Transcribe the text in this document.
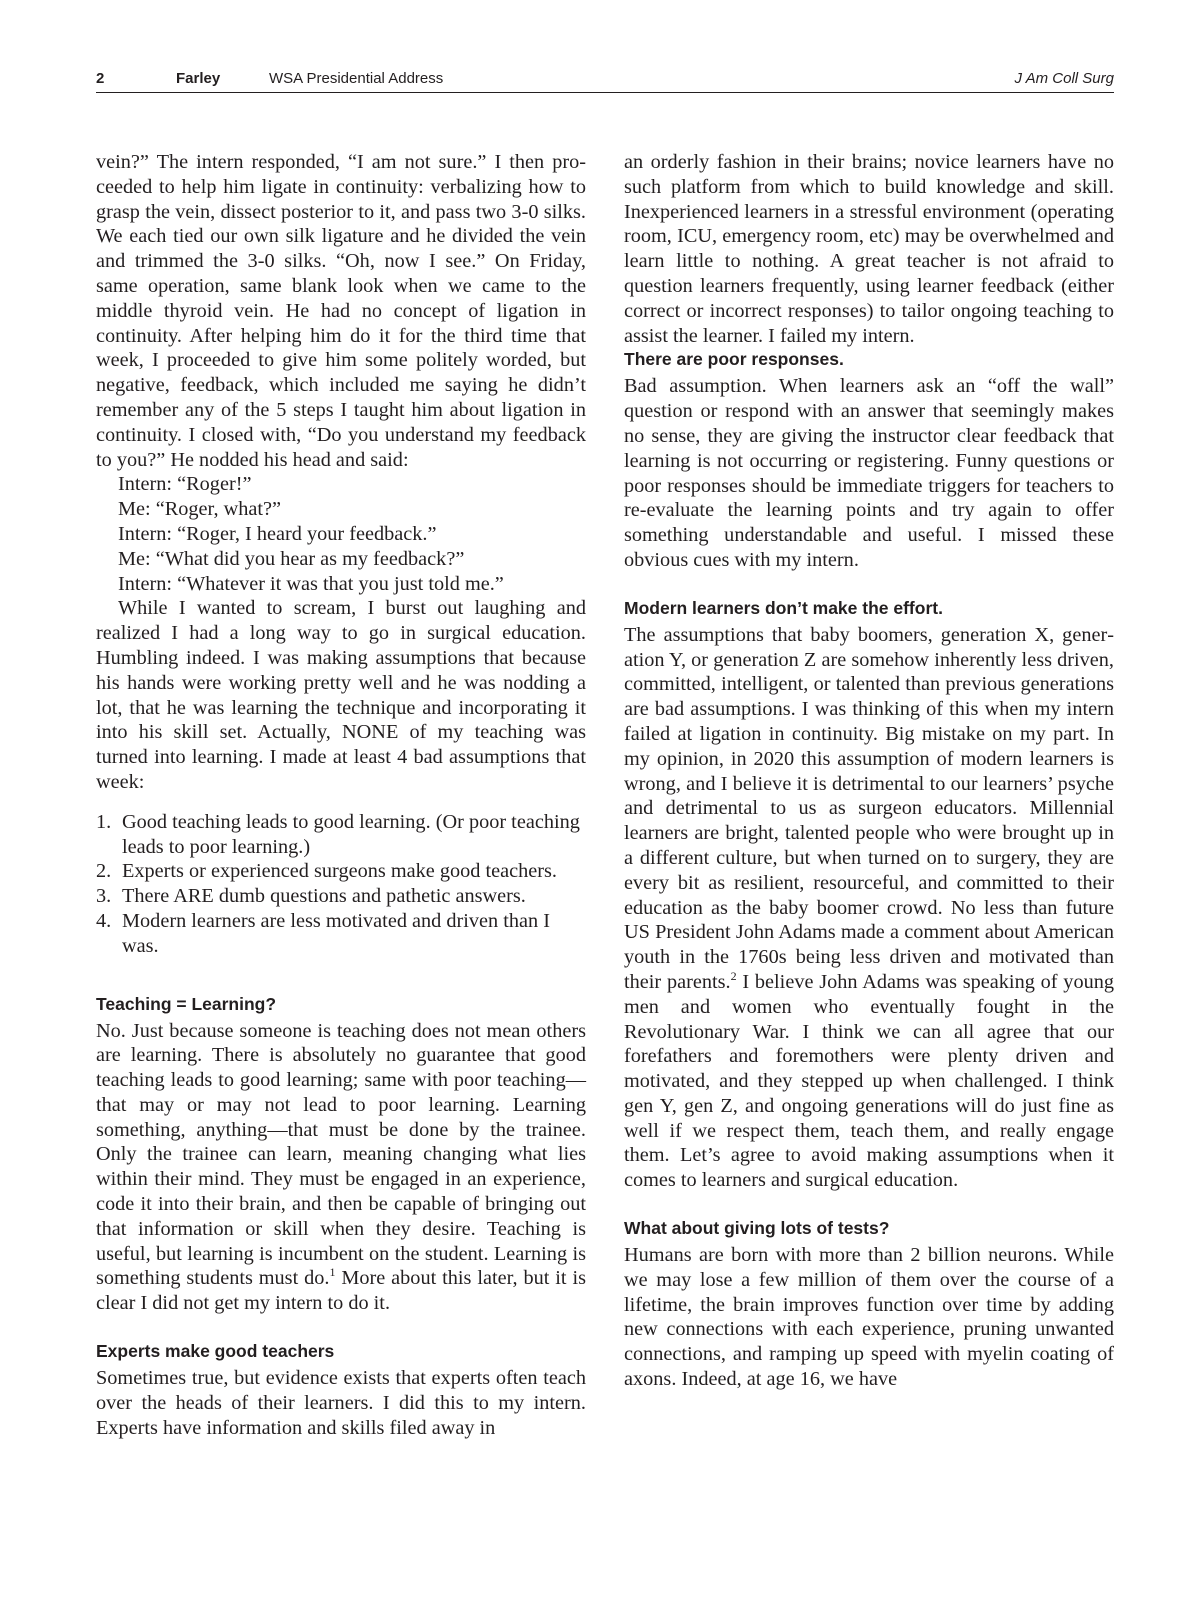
2	Farley	WSA Presidential Address	J Am Coll Surg

vein?” The intern responded, “I am not sure.” I then proceeded to help him ligate in continuity: verbalizing how to grasp the vein, dissect posterior to it, and pass two 3-0 silks. We each tied our own silk ligature and he divided the vein and trimmed the 3-0 silks. “Oh, now I see.” On Friday, same operation, same blank look when we came to the middle thyroid vein. He had no concept of ligation in continuity. After helping him do it for the third time that week, I proceeded to give him some politely worded, but negative, feedback, which included me saying he didn’t remember any of the 5 steps I taught him about ligation in continuity. I closed with, “Do you understand my feedback to you?” He nodded his head and said:

Intern: “Roger!”
Me: “Roger, what?”
Intern: “Roger, I heard your feedback.”
Me: “What did you hear as my feedback?”
Intern: “Whatever it was that you just told me.”

While I wanted to scream, I burst out laughing and realized I had a long way to go in surgical education. Humbling indeed. I was making assumptions that because his hands were working pretty well and he was nodding a lot, that he was learning the technique and incorporating it into his skill set. Actually, NONE of my teaching was turned into learning. I made at least 4 bad assumptions that week:

1. Good teaching leads to good learning. (Or poor teaching leads to poor learning.)
2. Experts or experienced surgeons make good teachers.
3. There ARE dumb questions and pathetic answers.
4. Modern learners are less motivated and driven than I was.
Teaching = Learning?

No. Just because someone is teaching does not mean others are learning. There is absolutely no guarantee that good teaching leads to good learning; same with poor teaching—that may or may not lead to poor learning. Learning something, anything—that must be done by the trainee. Only the trainee can learn, meaning changing what lies within their mind. They must be engaged in an experience, code it into their brain, and then be capable of bringing out that information or skill when they desire. Teaching is useful, but learning is incumbent on the student. Learning is something students must do.$^1$ More about this later, but it is clear I did not get my intern to do it.

Experts make good teachers

Sometimes true, but evidence exists that experts often teach over the heads of their learners. I did this to my intern. Experts have information and skills filed away in

an orderly fashion in their brains; novice learners have no such platform from which to build knowledge and skill. Inexperienced learners in a stressful environment (operating room, ICU, emergency room, etc) may be overwhelmed and learn little to nothing. A great teacher is not afraid to question learners frequently, using learner feedback (either correct or incorrect responses) to tailor ongoing teaching to assist the learner. I failed my intern.

There are poor responses.

Bad assumption. When learners ask an “off the wall” question or respond with an answer that seemingly makes no sense, they are giving the instructor clear feedback that learning is not occurring or registering. Funny questions or poor responses should be immediate triggers for teachers to re-evaluate the learning points and try again to offer something understandable and useful. I missed these obvious cues with my intern.

Modern learners don’t make the effort.

The assumptions that baby boomers, generation X, generation Y, or generation Z are somehow inherently less driven, committed, intelligent, or talented than previous generations are bad assumptions. I was thinking of this when my intern failed at ligation in continuity. Big mistake on my part. In my opinion, in 2020 this assumption of modern learners is wrong, and I believe it is detrimental to our learners’ psyche and detrimental to us as surgeon educators. Millennial learners are bright, talented people who were brought up in a different culture, but when turned on to surgery, they are every bit as resilient, resourceful, and committed to their education as the baby boomer crowd. No less than future US President John Adams made a comment about American youth in the 1760s being less driven and motivated than their parents.$^2$ I believe John Adams was speaking of young men and women who eventually fought in the Revolutionary War. I think we can all agree that our forefathers and foremothers were plenty driven and motivated, and they stepped up when challenged. I think gen Y, gen Z, and ongoing generations will do just fine as well if we respect them, teach them, and really engage them. Let’s agree to avoid making assumptions when it comes to learners and surgical education.

What about giving lots of tests?

Humans are born with more than 2 billion neurons. While we may lose a few million of them over the course of a lifetime, the brain improves function over time by adding new connections with each experience, pruning unwanted connections, and ramping up speed with myelin coating of axons. Indeed, at age 16, we have
